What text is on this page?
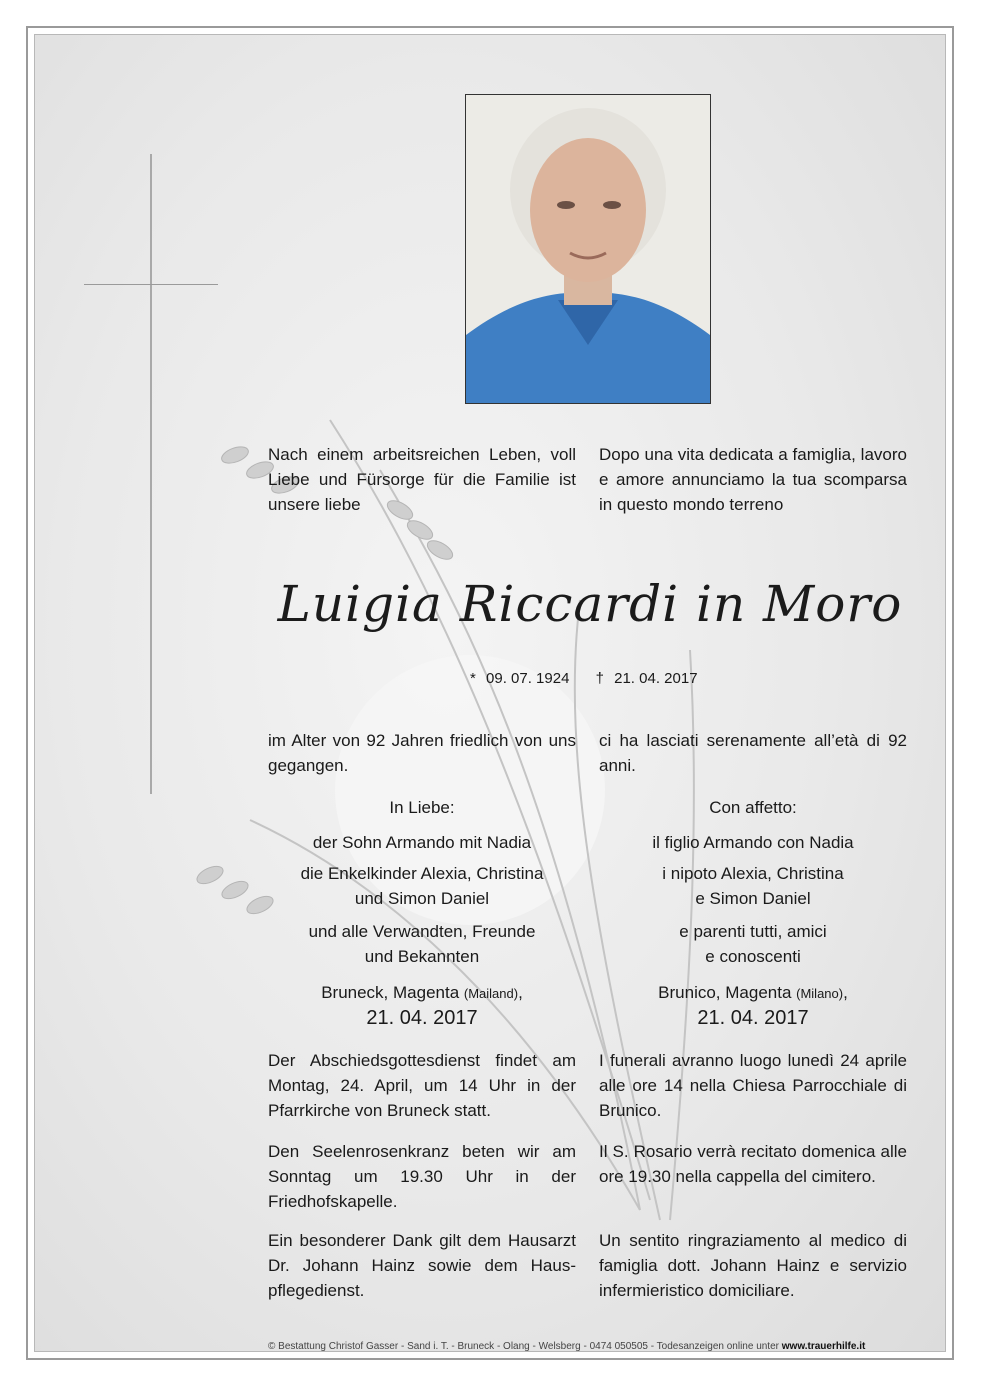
Nach einem arbeitsreichen Leben, voll Liebe und Fürsorge für die Familie ist unsere liebe
Dopo una vita dedicata a famiglia, lavoro e amore annunciamo la tua scomparsa in questo mondo terreno
Luigia Riccardi in Moro
* 09. 07. 1924 † 21. 04. 2017
im Alter von 92 Jahren friedlich von uns gegangen.
ci ha lasciati serenamente all’età di 92 anni.
In Liebe:
der Sohn Armando mit Nadia
die Enkelkinder Alexia, Christina
und Simon Daniel
und alle Verwandten, Freunde
und Bekannten
Con affetto:
il figlio Armando con Nadia
i nipoto Alexia, Christina
e Simon Daniel
e parenti tutti, amici
e conoscenti
Bruneck, Magenta (Mailand),
21. 04. 2017
Brunico, Magenta (Milano),
21. 04. 2017
Der Abschiedsgottesdienst findet am Montag, 24. April, um 14 Uhr in der Pfarrkirche von Bruneck statt.
I funerali avranno luogo lunedì 24 aprile alle ore 14 nella Chiesa Parrocchiale di Brunico.
Den Seelenrosenkranz beten wir am Sonntag um 19.30 Uhr in der Friedhofskapelle.
Il S. Rosario verrà recitato domenica alle ore 19.30 nella cappella del cimitero.
Ein besonderer Dank gilt dem Hausarzt Dr. Johann Hainz sowie dem Haus- pflegedienst.
Un sentito ringraziamento al medico di famiglia dott. Johann Hainz e servizio infermieristico domiciliare.
© Bestattung Christof Gasser - Sand i. T. - Bruneck - Olang - Welsberg - 0474 050505 - Todesanzeigen online unter www.trauerhilfe.it
